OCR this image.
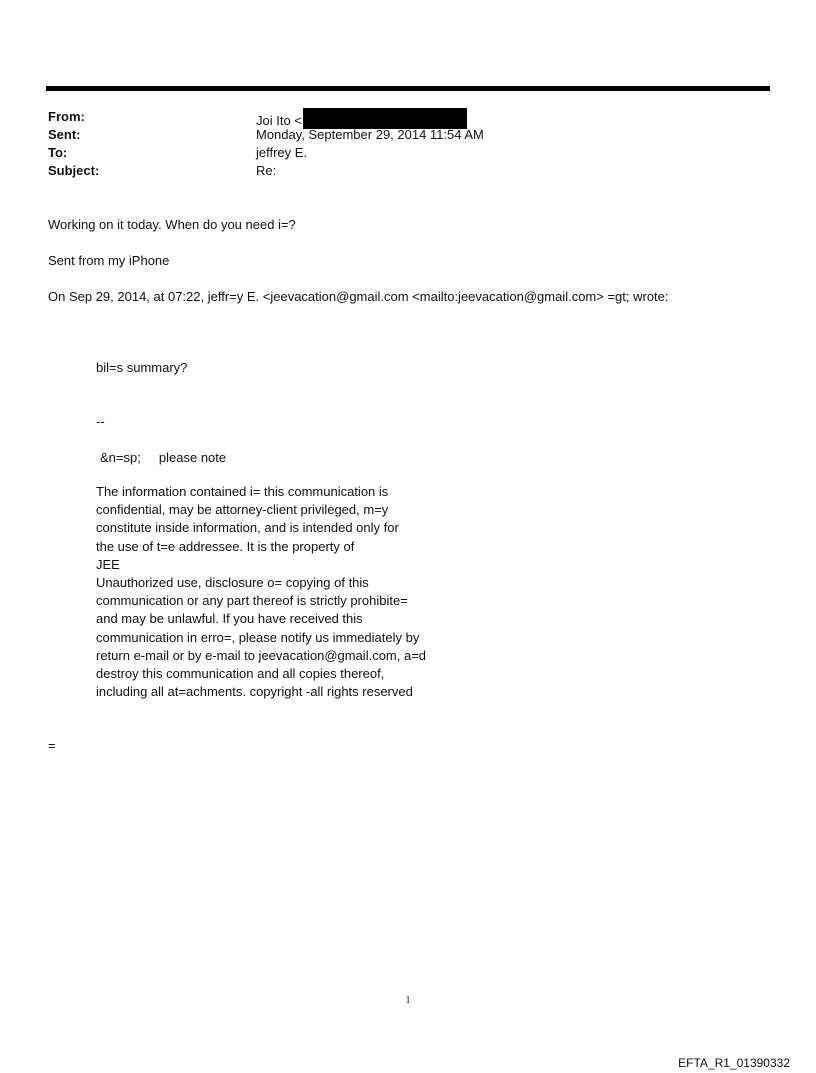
From:	Joi Ito <
Sent:	Monday, September 29, 2014 11:54 AM
To:	jeffrey E.
Subject:	Re:
Working on it today. When do you need i=?
Sent from my iPhone
On Sep 29, 2014, at 07:22, jeffr=y E. <jeevacation@gmail.com <mailto:jeevacation@gmail.com> =gt; wrote:
bil=s summary?
--
&n=sp;     please note
The information contained i= this communication is
confidential, may be attorney-client privileged, m=y
constitute inside information, and is intended only for
the use of t=e addressee. It is the property of
JEE
Unauthorized use, disclosure o= copying of this
communication or any part thereof is strictly prohibite=
and may be unlawful. If you have received this
communication in erro=, please notify us immediately by
return e-mail or by e-mail to jeevacation@gmail.com, a=d
destroy this communication and all copies thereof,
including all at=achments. copyright -all rights reserved
=
1
EFTA_R1_01390332
